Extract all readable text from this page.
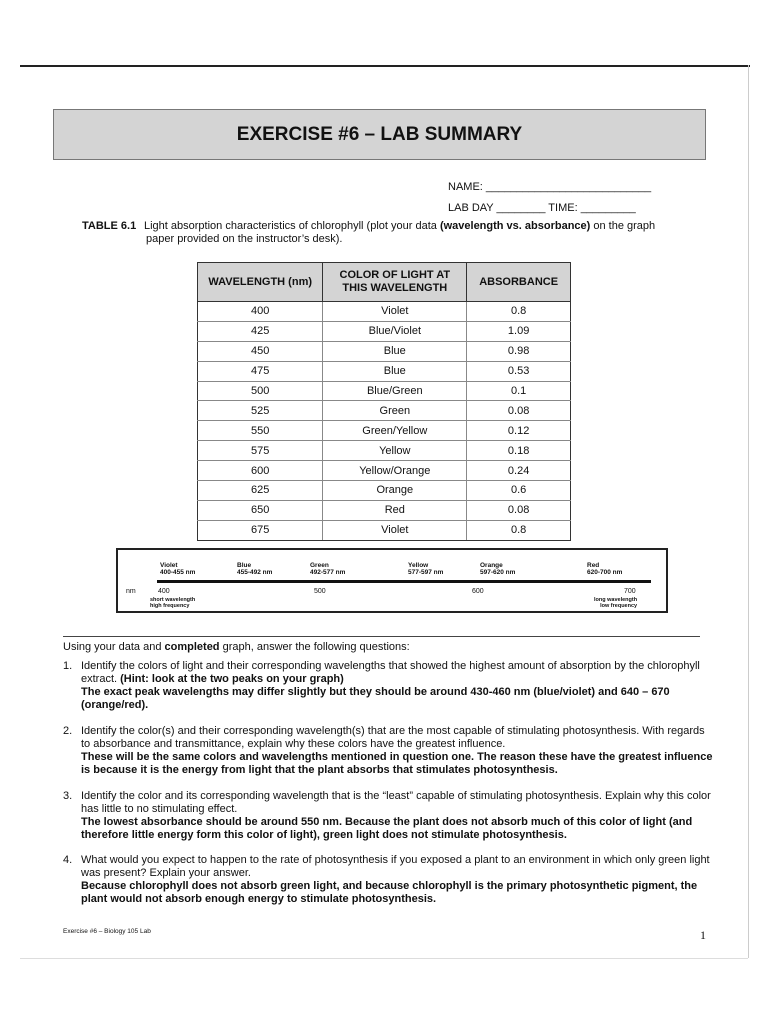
EXERCISE #6 – LAB SUMMARY
NAME: ___________________________
LAB DAY ________ TIME: _________
TABLE 6.1 Light absorption characteristics of chlorophyll (plot your data (wavelength vs. absorbance) on the graph
paper provided on the instructor’s desk).
WAVELENGTH (nm)	COLOR OF LIGHT AT THIS WAVELENGTH	ABSORBANCE
400	Violet	0.8
425	Blue/Violet	1.09
450	Blue	0.98
475	Blue	0.53
500	Blue/Green	0.1
525	Green	0.08
550	Green/Yellow	0.12
575	Yellow	0.18
600	Yellow/Orange	0.24
625	Orange	0.6
650	Red	0.08
675	Violet	0.8
Violet
400-455 nm
Blue
455-492 nm
Green
492-577 nm
Yellow
577-597 nm
Orange
597-620 nm
Red
620-700 nm
nm	400	500	600	700
short wavelength
high frequency
long wavelength
low frequency
Using your data and completed graph, answer the following questions:
1. Identify the colors of light and their corresponding wavelengths that showed the highest amount of absorption by the chlorophyll extract. (Hint: look at the two peaks on your graph)
The exact peak wavelengths may differ slightly but they should be around 430-460 nm (blue/violet) and 640 – 670 (orange/red).
2. Identify the color(s) and their corresponding wavelength(s) that are the most capable of stimulating photosynthesis. With regards to absorbance and transmittance, explain why these colors have the greatest influence.
These will be the same colors and wavelengths mentioned in question one. The reason these have the greatest influence is because it is the energy from light that the plant absorbs that stimulates photosynthesis.
3. Identify the color and its corresponding wavelength that is the “least” capable of stimulating photosynthesis. Explain why this color has little to no stimulating effect.
The lowest absorbance should be around 550 nm. Because the plant does not absorb much of this color of light (and therefore little energy form this color of light), green light does not stimulate photosynthesis.
4. What would you expect to happen to the rate of photosynthesis if you exposed a plant to an environment in which only green light was present? Explain your answer.
Because chlorophyll does not absorb green light, and because chlorophyll is the primary photosynthetic pigment, the plant would not absorb enough energy to stimulate photosynthesis.
Exercise #6 – Biology 105 Lab	1
